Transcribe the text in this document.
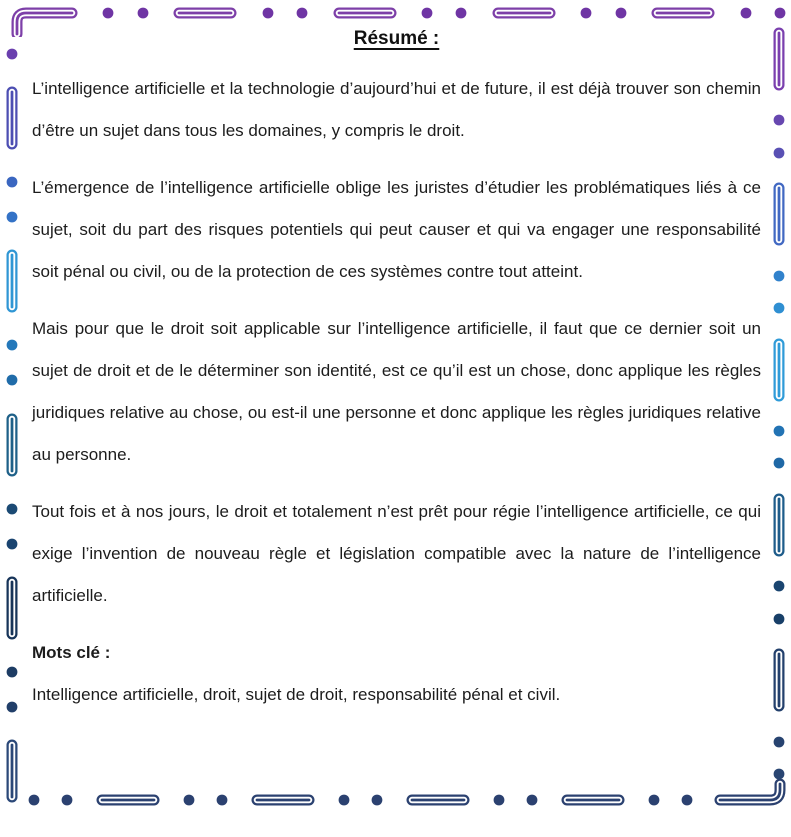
Résumé :

L’intelligence artificielle et la technologie d’aujourd’hui et de future, il est déjà trouver son chemin d’être un sujet dans tous les domaines, y compris le droit.

L’émergence de l’intelligence artificielle oblige les juristes d’étudier les problématiques liés à ce sujet, soit du part des risques potentiels qui peut causer et qui va engager une responsabilité soit pénal ou civil, ou de la protection de ces systèmes contre tout atteint.

Mais pour que le droit soit applicable sur l’intelligence artificielle, il faut que ce dernier soit un sujet de droit et de le déterminer son identité, est ce qu’il est un chose, donc applique les règles juridiques relative au chose, ou est-il une personne et donc applique les règles juridiques relative au personne.

Tout fois et à nos jours, le droit et totalement n’est prêt pour régie l’intelligence artificielle, ce qui exige l’invention de nouveau règle et législation compatible avec la nature de l’intelligence artificielle.

Mots clé :

Intelligence artificielle, droit, sujet de droit, responsabilité pénal et civil.
